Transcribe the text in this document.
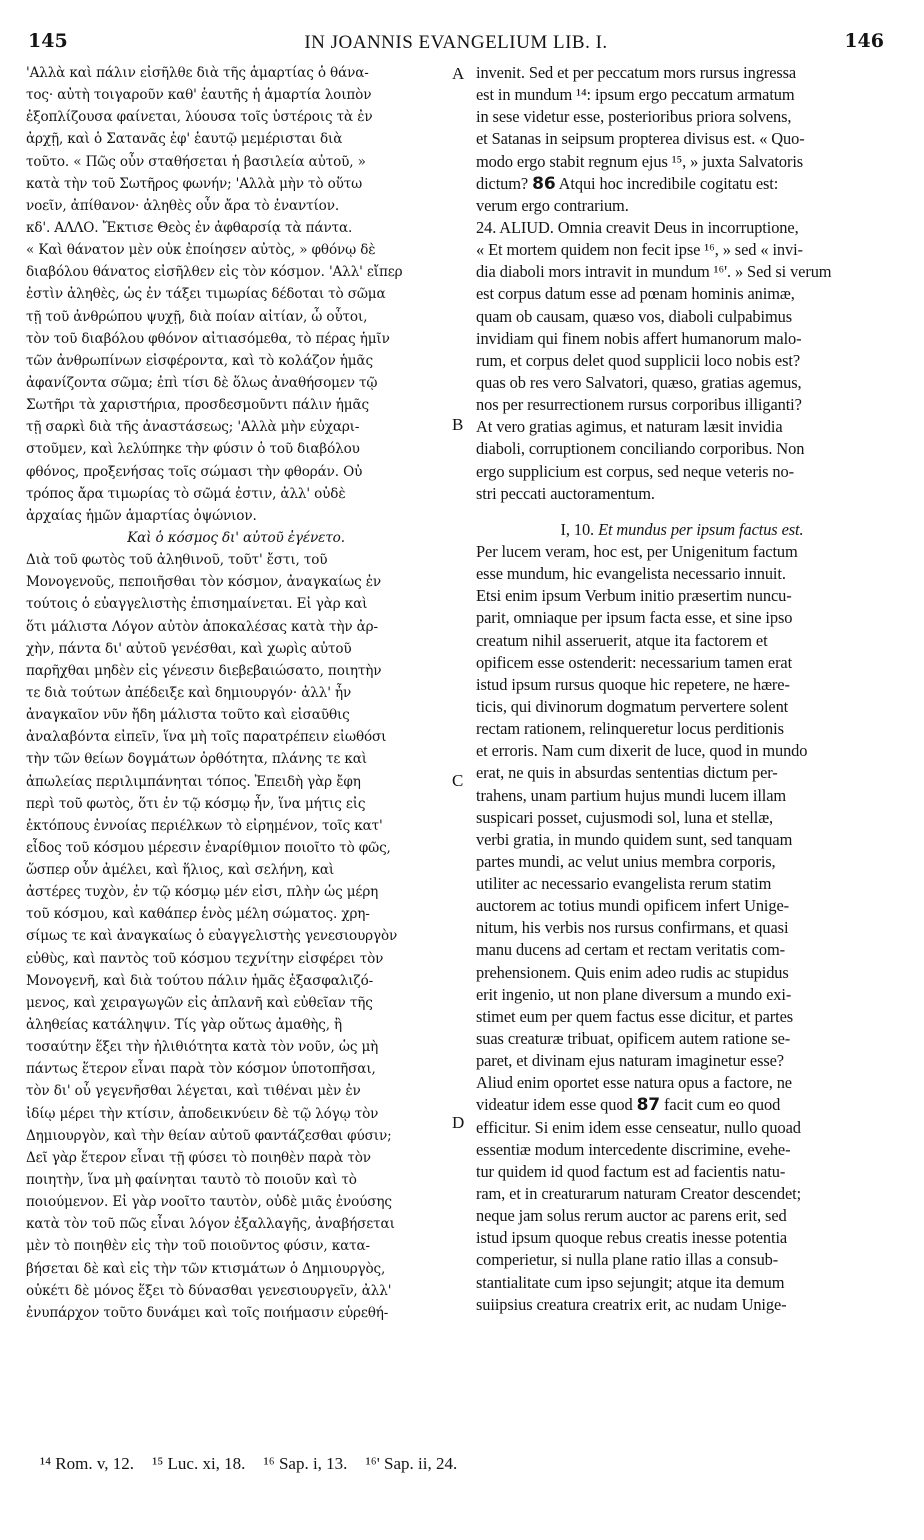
145	IN JOANNIS EVANGELIUM LIB. I.	146
A
B
C
D
'Αλλὰ καὶ πάλιν εἰσῆλθε διὰ τῆς ἁμαρτίας ὁ θάνα-
τος· αὐτὴ τοιγαροῦν καθ' ἑαυτῆς ἡ ἁμαρτία λοιπὸν
ἐξοπλίζουσα φαίνεται, λύουσα τοῖς ὑστέροις τὰ ἐν
ἀρχῇ, καὶ ὁ Σατανᾶς ἐφ' ἑαυτῷ μεμέρισται διὰ
τοῦτο. « Πῶς οὖν σταθήσεται ἡ βασιλεία αὐτοῦ, »
κατὰ τὴν τοῦ Σωτῆρος φωνήν; 'Αλλὰ μὴν τὸ οὕτω
νοεῖν, ἀπίθανον· ἀληθὲς οὖν ἄρα τὸ ἐναντίον.
κδ'. ΑΛΛΟ. Ἔκτισε Θεὸς ἐν ἀφθαρσίᾳ τὰ πάντα.
« Καὶ θάνατον μὲν οὐκ ἐποίησεν αὐτὸς, » φθόνῳ δὲ
διαβόλου θάνατος εἰσῆλθεν εἰς τὸν κόσμον. 'Αλλ' εἴπερ
ἐστὶν ἀληθὲς, ὡς ἐν τάξει τιμωρίας δέδοται τὸ σῶμα
τῇ τοῦ ἀνθρώπου ψυχῇ, διὰ ποίαν αἰτίαν, ὦ οὗτοι,
τὸν τοῦ διαβόλου φθόνον αἰτιασόμεθα, τὸ πέρας ἡμῖν
τῶν ἀνθρωπίνων εἰσφέροντα, καὶ τὸ κολάζον ἡμᾶς
ἀφανίζοντα σῶμα; ἐπὶ τίσι δὲ ὅλως ἀναθήσομεν τῷ
Σωτῆρι τὰ χαριστήρια, προσδεσμοῦντι πάλιν ἡμᾶς
τῇ σαρκὶ διὰ τῆς ἀναστάσεως; 'Αλλὰ μὴν εὐχαρι-
στοῦμεν, καὶ λελύπηκε τὴν φύσιν ὁ τοῦ διαβόλου
φθόνος, προξενήσας τοῖς σώμασι τὴν φθοράν. Οὐ
τρόπος ἄρα τιμωρίας τὸ σῶμά ἐστιν, ἀλλ' οὐδὲ
ἀρχαίας ἡμῶν ἁμαρτίας ὀψώνιον.
Καὶ ὁ κόσμος δι' αὐτοῦ ἐγένετο.
Διὰ τοῦ φωτὸς τοῦ ἀληθινοῦ, τοῦτ' ἔστι, τοῦ
Μονογενοῦς, πεποιῆσθαι τὸν κόσμον, ἀναγκαίως ἐν
τούτοις ὁ εὐαγγελιστὴς ἐπισημαίνεται. Εἰ γὰρ καὶ
ὅτι μάλιστα Λόγον αὐτὸν ἀποκαλέσας κατὰ τὴν ἀρ-
χὴν, πάντα δι' αὐτοῦ γενέσθαι, καὶ χωρὶς αὐτοῦ
παρῆχθαι μηδὲν εἰς γένεσιν διεβεβαιώσατο, ποιητὴν
τε διὰ τούτων ἀπέδειξε καὶ δημιουργόν· ἀλλ' ἦν
ἀναγκαῖον νῦν ἤδη μάλιστα τοῦτο καὶ εἰσαῦθις
ἀναλαβόντα εἰπεῖν, ἵνα μὴ τοῖς παρατρέπειν εἰωθόσι
τὴν τῶν θείων δογμάτων ὀρθότητα, πλάνης τε καὶ
ἀπωλείας περιλιμπάνηται τόπος. Ἐπειδὴ γὰρ ἔφη
περὶ τοῦ φωτὸς, ὅτι ἐν τῷ κόσμῳ ἦν, ἵνα μήτις εἰς
ἐκτόπους ἐννοίας περιέλκων τὸ εἰρημένον, τοῖς κατ'
εἶδος τοῦ κόσμου μέρεσιν ἐναρίθμιον ποιοῖτο τὸ φῶς,
ὥσπερ οὖν ἀμέλει, καὶ ἥλιος, καὶ σελήνη, καὶ
ἀστέρες τυχὸν, ἐν τῷ κόσμῳ μέν εἰσι, πλὴν ὡς μέρη
τοῦ κόσμου, καὶ καθάπερ ἑνὸς μέλη σώματος. χρη-
σίμως τε καὶ ἀναγκαίως ὁ εὐαγγελιστὴς γενεσιουργὸν
εὐθὺς, καὶ παντὸς τοῦ κόσμου τεχνίτην εἰσφέρει τὸν
Μονογενῆ, καὶ διὰ τούτου πάλιν ἡμᾶς ἐξασφαλιζό-
μενος, καὶ χειραγωγῶν εἰς ἀπλανῆ καὶ εὐθεῖαν τῆς
ἀληθείας κατάληψιν. Τίς γὰρ οὕτως ἀμαθὴς, ἢ
τοσαύτην ἕξει τὴν ἠλιθιότητα κατὰ τὸν νοῦν, ὡς μὴ
πάντως ἕτερον εἶναι παρὰ τὸν κόσμον ὑποτοπῆσαι,
τὸν δι' οὗ γεγενῆσθαι λέγεται, καὶ τιθέναι μὲν ἐν
ἰδίῳ μέρει τὴν κτίσιν, ἀποδεικνύειν δὲ τῷ λόγῳ τὸν
Δημιουργὸν, καὶ τὴν θείαν αὐτοῦ φαντάζεσθαι φύσιν;
Δεῖ γὰρ ἕτερον εἶναι τῇ φύσει τὸ ποιηθὲν παρὰ τὸν
ποιητὴν, ἵνα μὴ φαίνηται ταυτὸ τὸ ποιοῦν καὶ τὸ
ποιούμενον. Εἰ γὰρ νοοῖτο ταυτὸν, οὐδὲ μιᾶς ἐνούσης
κατὰ τὸν τοῦ πῶς εἶναι λόγον ἐξαλλαγῆς, ἀναβήσεται
μὲν τὸ ποιηθὲν εἰς τὴν τοῦ ποιοῦντος φύσιν, κατα-
βήσεται δὲ καὶ εἰς τὴν τῶν κτισμάτων ὁ Δημιουργὸς,
οὐκέτι δὲ μόνος ἕξει τὸ δύνασθαι γενεσιουργεῖν, ἀλλ'
ἐνυπάρχον τοῦτο δυνάμει καὶ τοῖς ποιήμασιν εὑρεθή-
invenit. Sed et per peccatum mors rursus ingressa
est in mundum ¹⁴: ipsum ergo peccatum armatum
in sese videtur esse, posterioribus priora solvens,
et Satanas in seipsum propterea divisus est. « Quo-
modo ergo stabit regnum ejus ¹⁵, » juxta Salvatoris
dictum? 86 Atqui hoc incredibile cogitatu est:
verum ergo contrarium.
24. ALIUD. Omnia creavit Deus in incorruptione,
« Et mortem quidem non fecit ipse ¹⁶, » sed « invi-
dia diaboli mors intravit in mundum ¹⁶'. » Sed si verum
est corpus datum esse ad pœnam hominis animæ,
quam ob causam, quæso vos, diaboli culpabimus
invidiam qui finem nobis affert humanorum malo-
rum, et corpus delet quod supplicii loco nobis est?
quas ob res vero Salvatori, quæso, gratias agemus,
nos per resurrectionem rursus corporibus illiganti?
At vero gratias agimus, et naturam læsit invidia
diaboli, corruptionem conciliando corporibus. Non
ergo supplicium est corpus, sed neque veteris no-
stri peccati auctoramentum.
I, 10. Et mundus per ipsum factus est.
Per lucem veram, hoc est, per Unigenitum factum
esse mundum, hic evangelista necessario innuit.
Etsi enim ipsum Verbum initio præsertim nuncu-
parit, omniaque per ipsum facta esse, et sine ipso
creatum nihil asseruerit, atque ita factorem et
opificem esse ostenderit: necessarium tamen erat
istud ipsum rursus quoque hic repetere, ne hære-
ticis, qui divinorum dogmatum pervertere solent
rectam rationem, relinqueretur locus perditionis
et erroris. Nam cum dixerit de luce, quod in mundo
erat, ne quis in absurdas sententias dictum per-
trahens, unam partium hujus mundi lucem illam
suspicari posset, cujusmodi sol, luna et stellæ,
verbi gratia, in mundo quidem sunt, sed tanquam
partes mundi, ac velut unius membra corporis,
utiliter ac necessario evangelista rerum statim
auctorem ac totius mundi opificem infert Unige-
nitum, his verbis nos rursus confirmans, et quasi
manu ducens ad certam et rectam veritatis com-
prehensionem. Quis enim adeo rudis ac stupidus
erit ingenio, ut non plane diversum a mundo exi-
stimet eum per quem factus esse dicitur, et partes
suas creaturæ tribuat, opificem autem ratione se-
paret, et divinam ejus naturam imaginetur esse?
Aliud enim oportet esse natura opus a factore, ne
videatur idem esse quod 87 facit cum eo quod
efficitur. Si enim idem esse censeatur, nullo quoad
essentiæ modum intercedente discrimine, evehe-
tur quidem id quod factum est ad facientis natu-
ram, et in creaturarum naturam Creator descendet;
neque jam solus rerum auctor ac parens erit, sed
istud ipsum quoque rebus creatis inesse potentia
comperietur, si nulla plane ratio illas a consub-
stantialitate cum ipso sejungit; atque ita demum
suiipsius creatura creatrix erit, ac nudam Unige-
¹⁴ Rom. v, 12. ¹⁵ Luc. xi, 18. ¹⁶ Sap. i, 13. ¹⁶' Sap. ii, 24.
